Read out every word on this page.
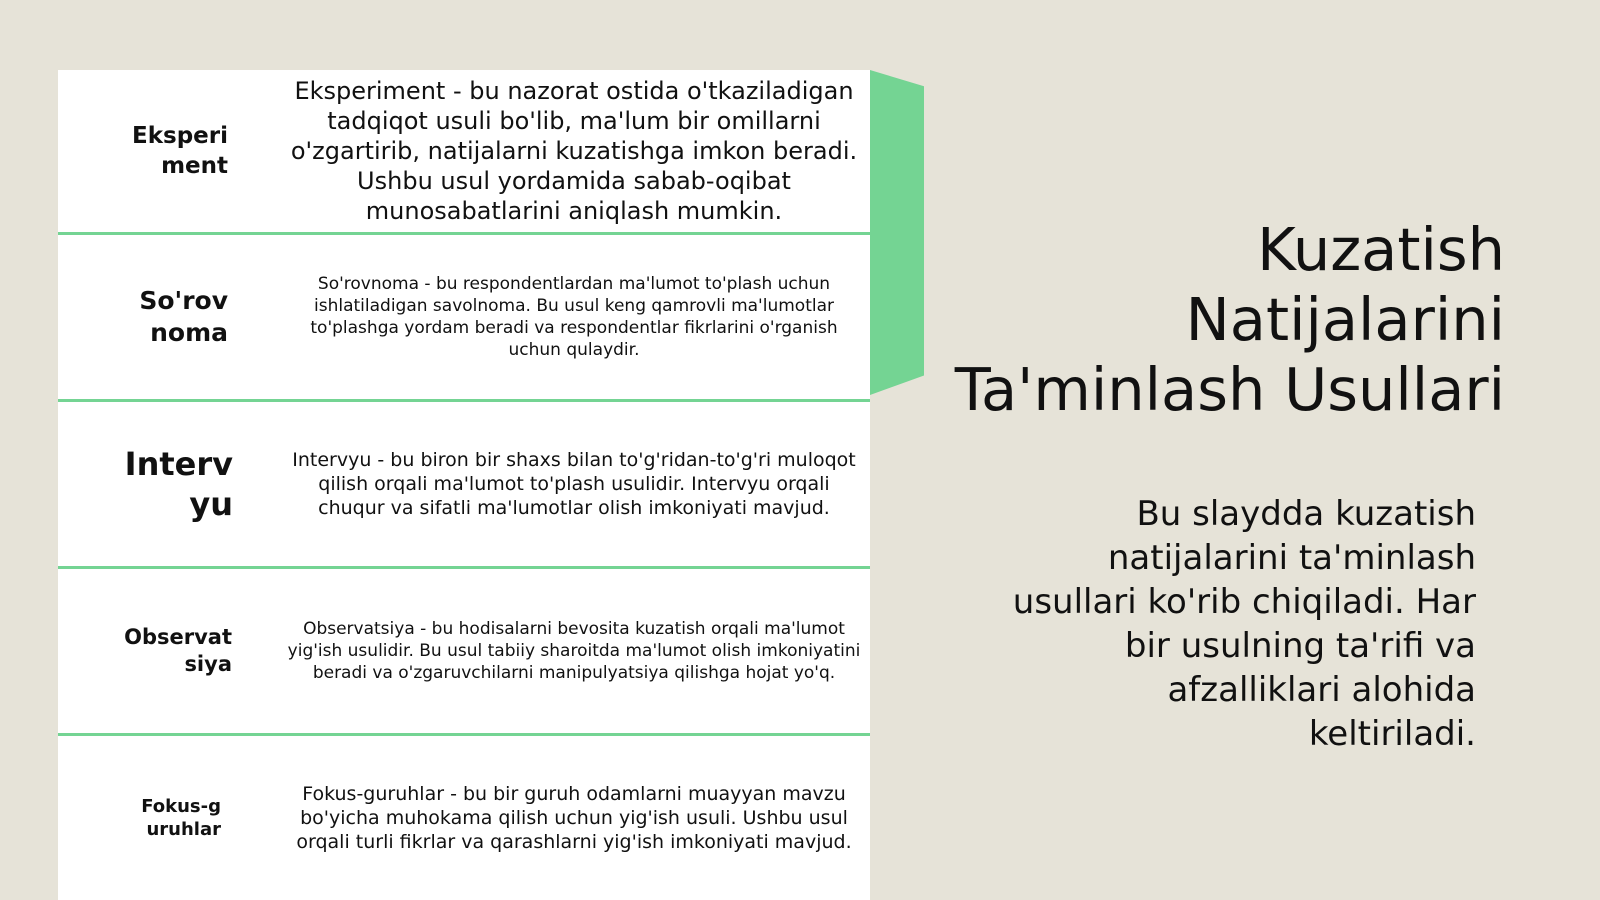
Eksperiment
Eksperiment - bu nazorat ostida o'tkaziladigan tadqiqot usuli bo'lib, ma'lum bir omillarni o'zgartirib, natijalarni kuzatishga imkon beradi. Ushbu usul yordamida sabab-oqibat munosabatlarini aniqlash mumkin.
So'rovnoma
So'rovnoma - bu respondentlardan ma'lumot to'plash uchun ishlatiladigan savolnoma. Bu usul keng qamrovli ma'lumotlar to'plashga yordam beradi va respondentlar fikrlarini o'rganish uchun qulaydir.
Intervyu
Intervyu - bu biron bir shaxs bilan to'g'ridan-to'g'ri muloqot qilish orqali ma'lumot to'plash usulidir. Intervyu orqali chuqur va sifatli ma'lumotlar olish imkoniyati mavjud.
Observatsiya
Observatsiya - bu hodisalarni bevosita kuzatish orqali ma'lumot yig'ish usulidir. Bu usul tabiiy sharoitda ma'lumot olish imkoniyatini beradi va o'zgaruvchilarni manipulyatsiya qilishga hojat yo'q.
Fokus-guruhlar
Fokus-guruhlar - bu bir guruh odamlarni muayyan mavzu bo'yicha muhokama qilish uchun yig'ish usuli. Ushbu usul orqali turli fikrlar va qarashlarni yig'ish imkoniyati mavjud.
Kuzatish Natijalarini Ta'minlash Usullari
Bu slaydda kuzatish natijalarini ta'minlash usullari ko'rib chiqiladi. Har bir usulning ta'rifi va afzalliklari alohida keltiriladi.
